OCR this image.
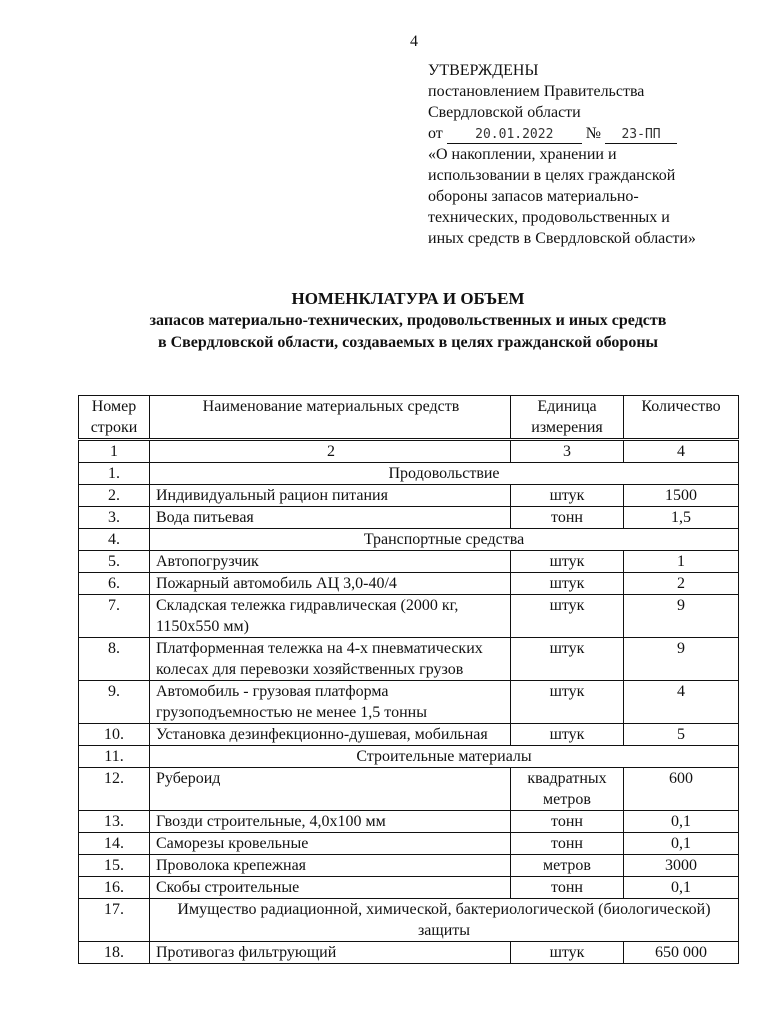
4
УТВЕРЖДЕНЫ
постановлением Правительства
Свердловской области
от 20.01.2022 № 23-ПП
«О накоплении, хранении и
использовании в целях гражданской
обороны запасов материально-
технических, продовольственных и
иных средств в Свердловской области»
НОМЕНКЛАТУРА И ОБЪЕМ
запасов материально-технических, продовольственных и иных средств
в Свердловской области, создаваемых в целях гражданской обороны
Номер строки	Наименование материальных средств	Единица измерения	Количество
1	2	3	4
1.	Продовольствие		
2.	Индивидуальный рацион питания	штук	1500
3.	Вода питьевая	тонн	1,5
4.	Транспортные средства		
5.	Автопогрузчик	штук	1
6.	Пожарный автомобиль АЦ 3,0-40/4	штук	2
7.	Складская тележка гидравлическая (2000 кг, 1150х550 мм)	штук	9
8.	Платформенная тележка на 4-х пневматических колесах для перевозки хозяйственных грузов	штук	9
9.	Автомобиль - грузовая платформа грузоподъемностью не менее 1,5 тонны	штук	4
10.	Установка дезинфекционно-душевая, мобильная	штук	5
11.	Строительные материалы		
12.	Рубероид	квадратных метров	600
13.	Гвозди строительные, 4,0х100 мм	тонн	0,1
14.	Саморезы кровельные	тонн	0,1
15.	Проволока крепежная	метров	3000
16.	Скобы строительные	тонн	0,1
17.	Имущество радиационной, химической, бактериологической (биологической) защиты		
18.	Противогаз фильтрующий	штук	650 000
